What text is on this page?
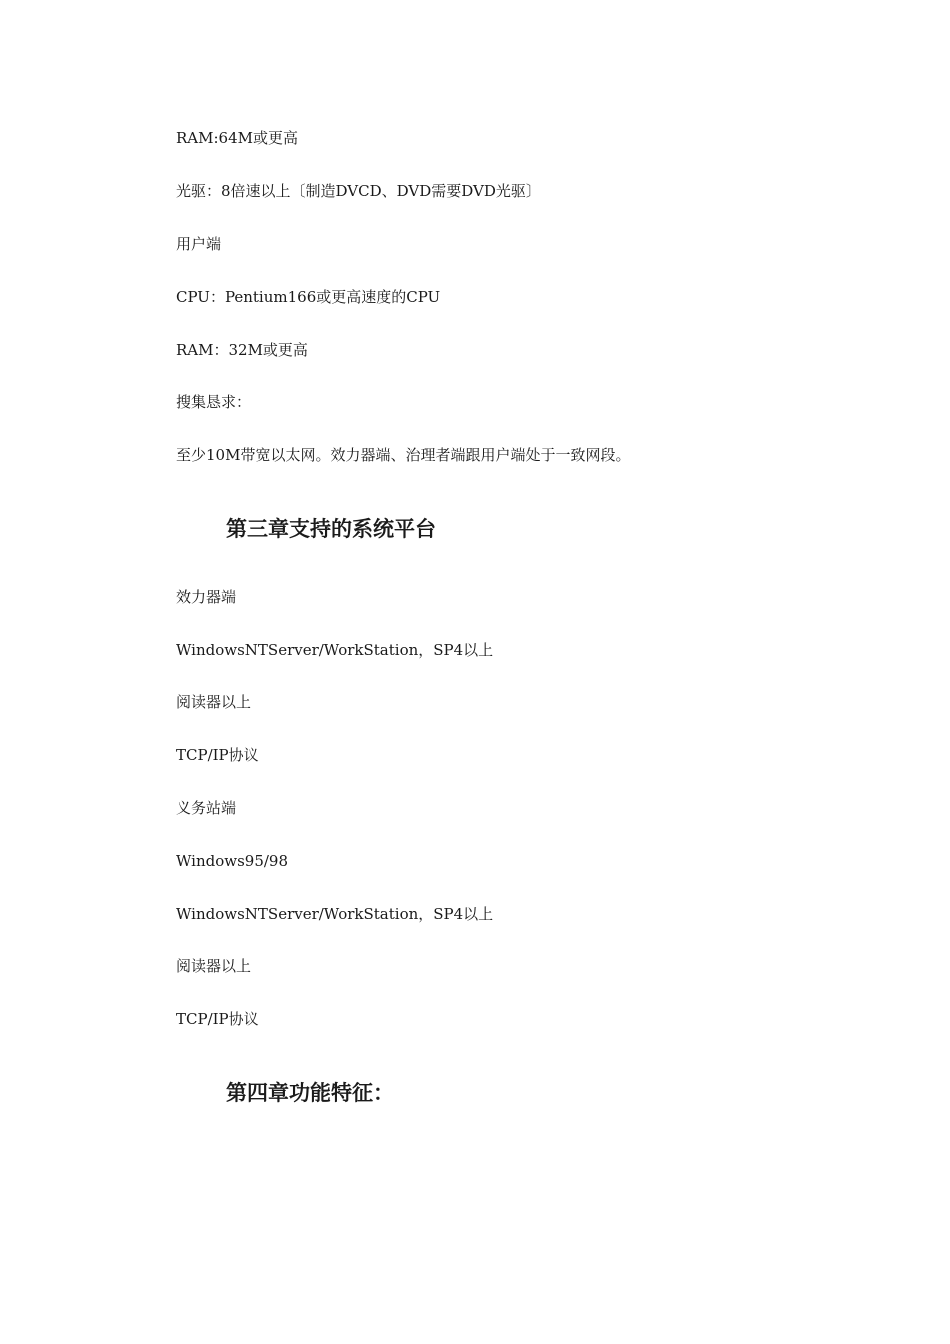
RAM:64M或更高
光驱：8倍速以上〔制造DVCD、DVD需要DVD光驱〕
用户端
CPU：Pentium166或更高速度的CPU
RAM：32M或更高
搜集恳求：
至少10M带宽以太网。效力器端、治理者端跟用户端处于一致网段。
第三章支持的系统平台
效力器端
WindowsNTServer/WorkStation，SP4以上
阅读器以上
TCP/IP协议
义务站端
Windows95/98
WindowsNTServer/WorkStation，SP4以上
阅读器以上
TCP/IP协议
第四章功能特征：
